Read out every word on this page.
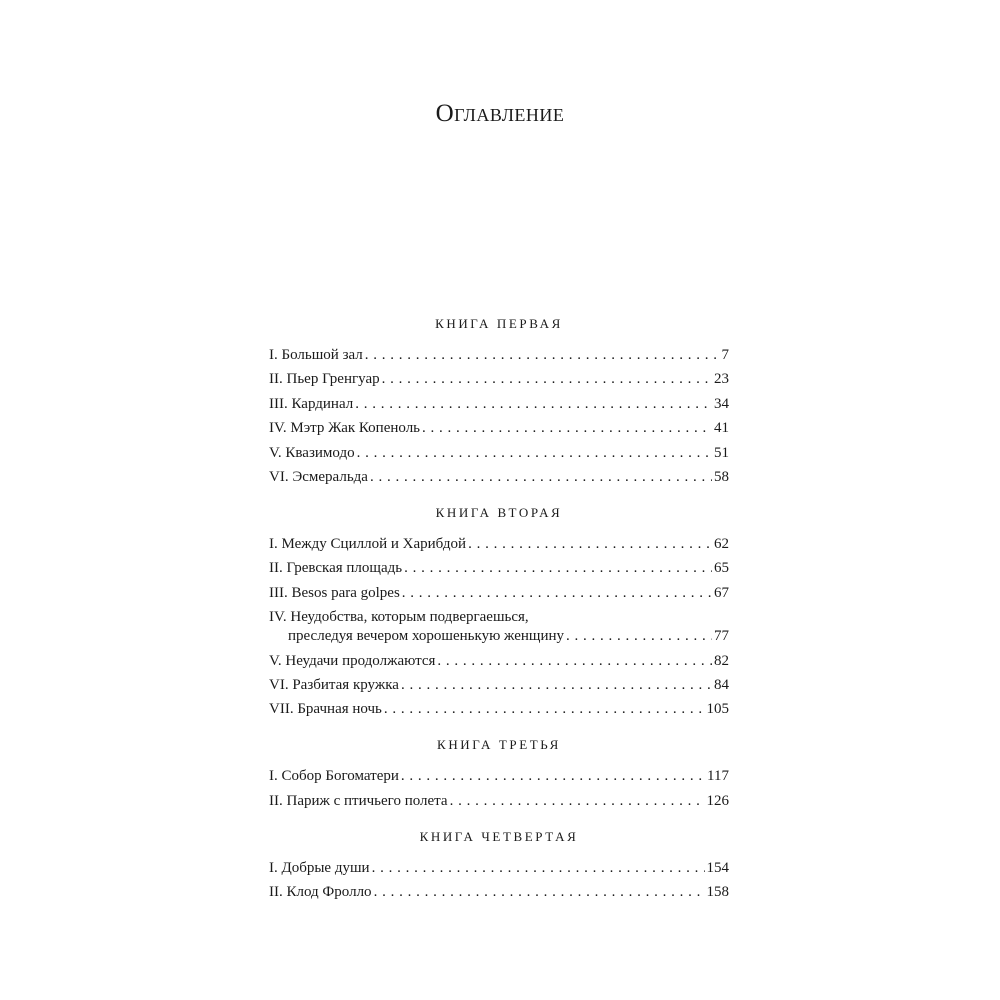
Оглавление
КНИГА ПЕРВАЯ
I. Большой зал . . .	7
II. Пьер Гренгуар . . .	23
III. Кардинал . . .	34
IV. Мэтр Жак Копеноль . . .	41
V. Квазимодо . . .	51
VI. Эсмеральда . . .	58
КНИГА ВТОРАЯ
I. Между Сциллой и Харибдой . . .	62
II. Гревская площадь . . .	65
III. Besos para golpes . . .	67
IV. Неудобства, которым подвергаешься,
преследуя вечером хорошенькую женщину . . .	77
V. Неудачи продолжаются . . .	82
VI. Разбитая кружка . . .	84
VII. Брачная ночь . . .	105
КНИГА ТРЕТЬЯ
I. Собор Богоматери . . .	117
II. Париж с птичьего полета . . .	126
КНИГА ЧЕТВЕРТАЯ
I. Добрые души . . .	154
II. Клод Фролло . . .	158
